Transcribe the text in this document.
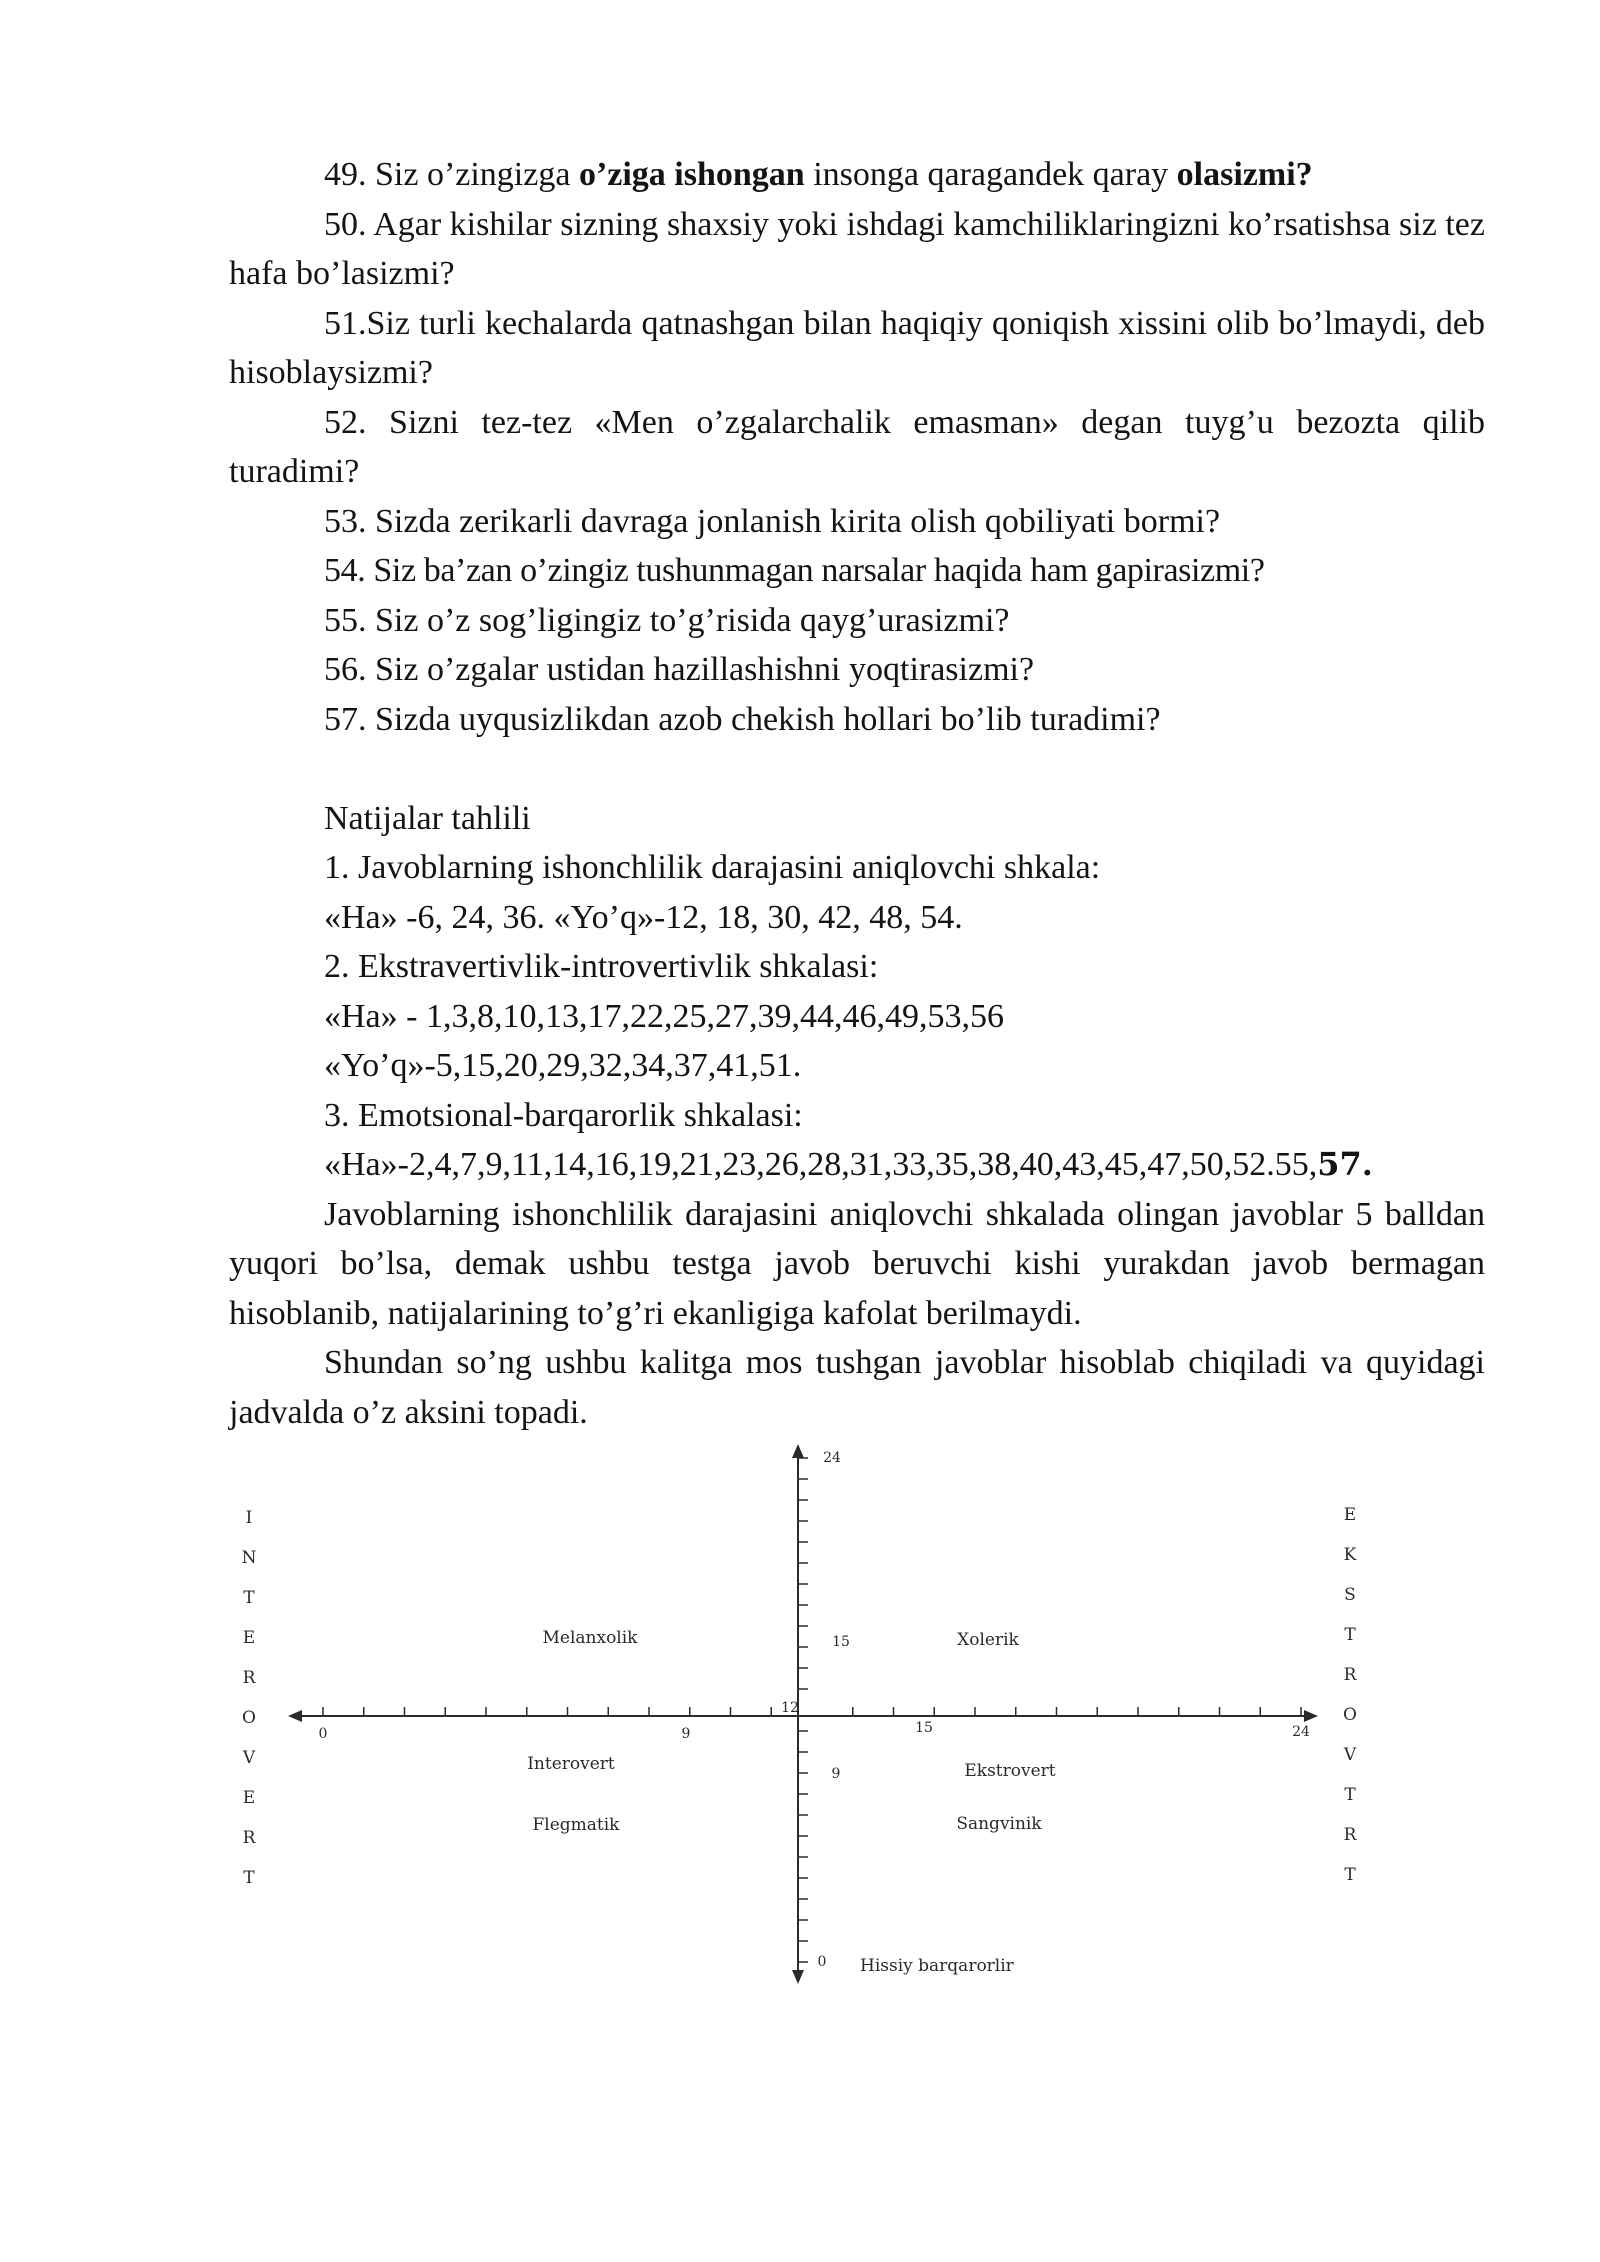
49. Siz o’zingizga o’ziga ishongan insonga qaragandek qaray olasizmi?

50. Agar kishilar sizning shaxsiy yoki ishdagi kamchiliklaringizni ko’rsatishsa siz tez hafa bo’lasizmi?

51.Siz turli kechalarda qatnashgan bilan haqiqiy qoniqish xissini olib bo’lmaydi, deb hisoblaysizmi?

52. Sizni tez-tez «Men o’zgalarchalik emasman» degan tuyg’u bezozta qilib turadimi?

53. Sizda zerikarli davraga jonlanish kirita olish qobiliyati bormi?

54. Siz ba’zan o’zingiz tushunmagan narsalar haqida ham gapirasizmi?

55. Siz o’z sog’ligingiz to’g’risida qayg’urasizmi?

56. Siz o’zgalar ustidan hazillashishni yoqtirasizmi?

57. Sizda uyqusizlikdan azob chekish hollari bo’lib turadimi?

Natijalar tahlili

1. Javoblarning ishonchlilik darajasini aniqlovchi shkala:

«Ha» -6, 24, 36. «Yo’q»-12, 18, 30, 42, 48, 54.

2. Ekstravertivlik-introvertivlik shkalasi:

«Ha» - 1,3,8,10,13,17,22,25,27,39,44,46,49,53,56

«Yo’q»-5,15,20,29,32,34,37,41,51.

3. Emotsional-barqarorlik shkalasi:

«Ha»-2,4,7,9,11,14,16,19,21,23,26,28,31,33,35,38,40,43,45,47,50,52.55,57.

Javoblarning ishonchlilik darajasini aniqlovchi shkalada olingan javoblar 5 balldan yuqori bo’lsa, demak ushbu testga javob beruvchi kishi yurakdan javob bermagan hisoblanib, natijalarining to’g’ri ekanligiga kafolat berilmaydi.

Shundan so’ng ushbu kalitga mos tushgan javoblar hisoblab chiqiladi va quyidagi jadvalda o’z aksini topadi.

0	9
12
15	24
24
15
9
0 Hissiy barqarorlir
Melanxolik	Xolerik
Interovert	Ekstrovert
Flegmatik	Sangvinik
I
N
T
E
R
O
V
E
R
T
E
K
S
T
R
O
V
T
R
T
